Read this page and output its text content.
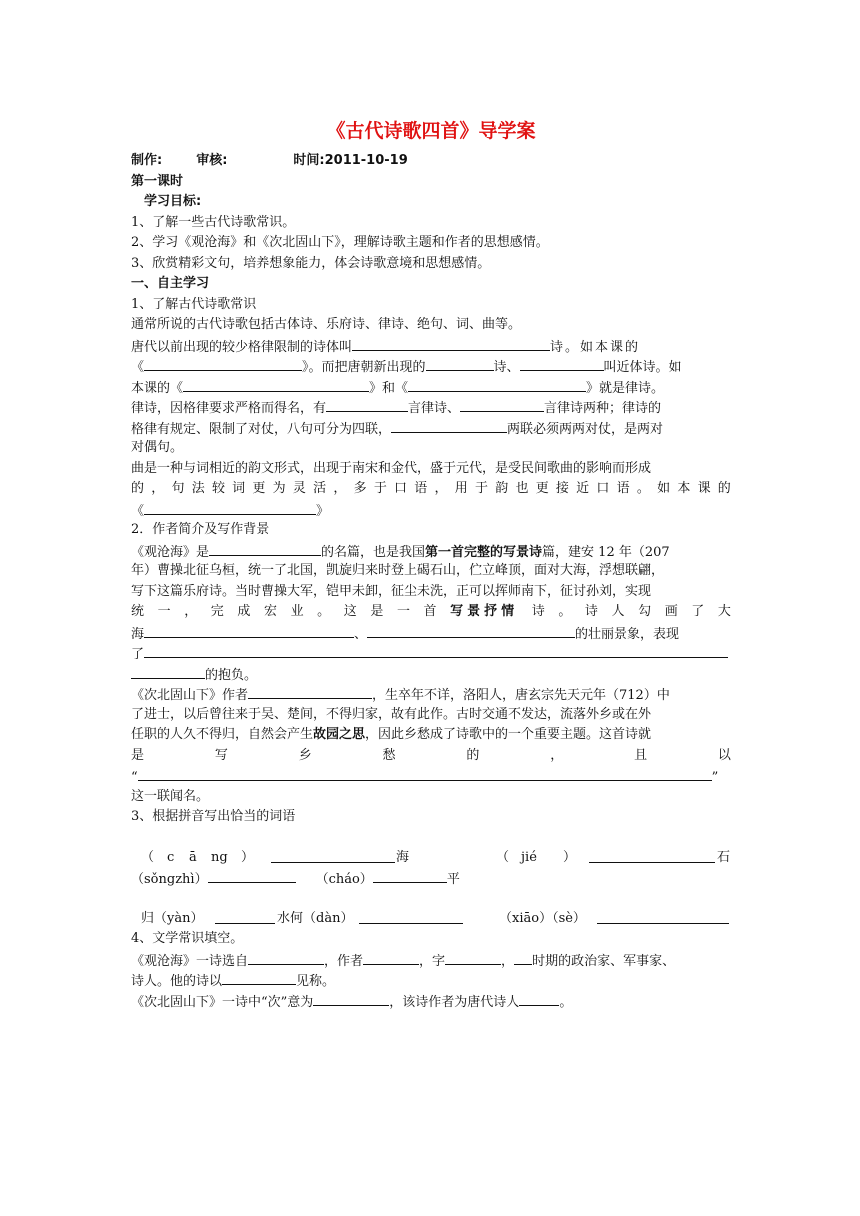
《古代诗歌四首》导学案
制作:	审核:	时间:2011-10-19
第一课时
学习目标:
1、了解一些古代诗歌常识。
2、学习《观沧海》和《次北固山下》，理解诗歌主题和作者的思想感情。
3、欣赏精彩文句，培养想象能力，体会诗歌意境和思想感情。
一、自主学习
1、了解古代诗歌常识
通常所说的古代诗歌包括古体诗、乐府诗、律诗、绝句、词、曲等。
唐代以前出现的较少格律限制的诗体叫	诗。如本课的
《	》。而把唐朝新出现的	诗、	叫近体诗。如
本课的《	》和《	》就是律诗。
律诗，因格律要求严格而得名，有	言律诗、	言律诗两种；律诗的
格律有规定、限制了对仗，八句可分为四联，	两联必须两两对仗，是两对
对偶句。
曲是一种与词相近的韵文形式，出现于南宋和金代，盛于元代，是受民间歌曲的影响而形成
的 ， 句 法 较 词 更 为 灵 活 ， 多 于 口 语 ， 用 于 韵 也 更 接 近 口 语 。 如 本 课 的
《	》
2．作者简介及写作背景
《观沧海》是	的名篇，也是我国第一首完整的写景诗篇，建安 12 年（207
年）曹操北征乌桓，统一了北国，凯旋归来时登上碣石山，伫立峰顶，面对大海，浮想联翩，
写下这篇乐府诗。当时曹操大军，铠甲未卸，征尘未洗，正可以挥师南下，征讨孙刘，实现
统 一 ， 完 成 宏 业 。 这 是 一 首 写景抒情 诗 。 诗 人 勾 画 了 大
海	、	的壮丽景象，表现
了
的抱负。
《次北固山下》作者	，生卒年不详，洛阳人，唐玄宗先天元年（712）中
了进士，以后曾往来于吴、楚间，不得归家，故有此作。古时交通不发达，流落外乡或在外
任职的人久不得归，自然会产生故园之思，因此乡愁成了诗歌中的一个重要主题。这首诗就
是	写	乡	愁	的	，	且	以
“	”
这一联闻名。
3、根据拼音写出恰当的词语
（ c ā ng ）	海	（ jié ）	石
（sǒngzhì）	（cháo）	平
归（yàn）	水何（dàn）	（xiāo）（sè）
4、文学常识填空。
《观沧海》一诗选自	，作者	，字	， 时期的政治家、军事家、
诗人。他的诗以	见称。
《次北固山下》一诗中“次”意为	，该诗作者为唐代诗人	。
